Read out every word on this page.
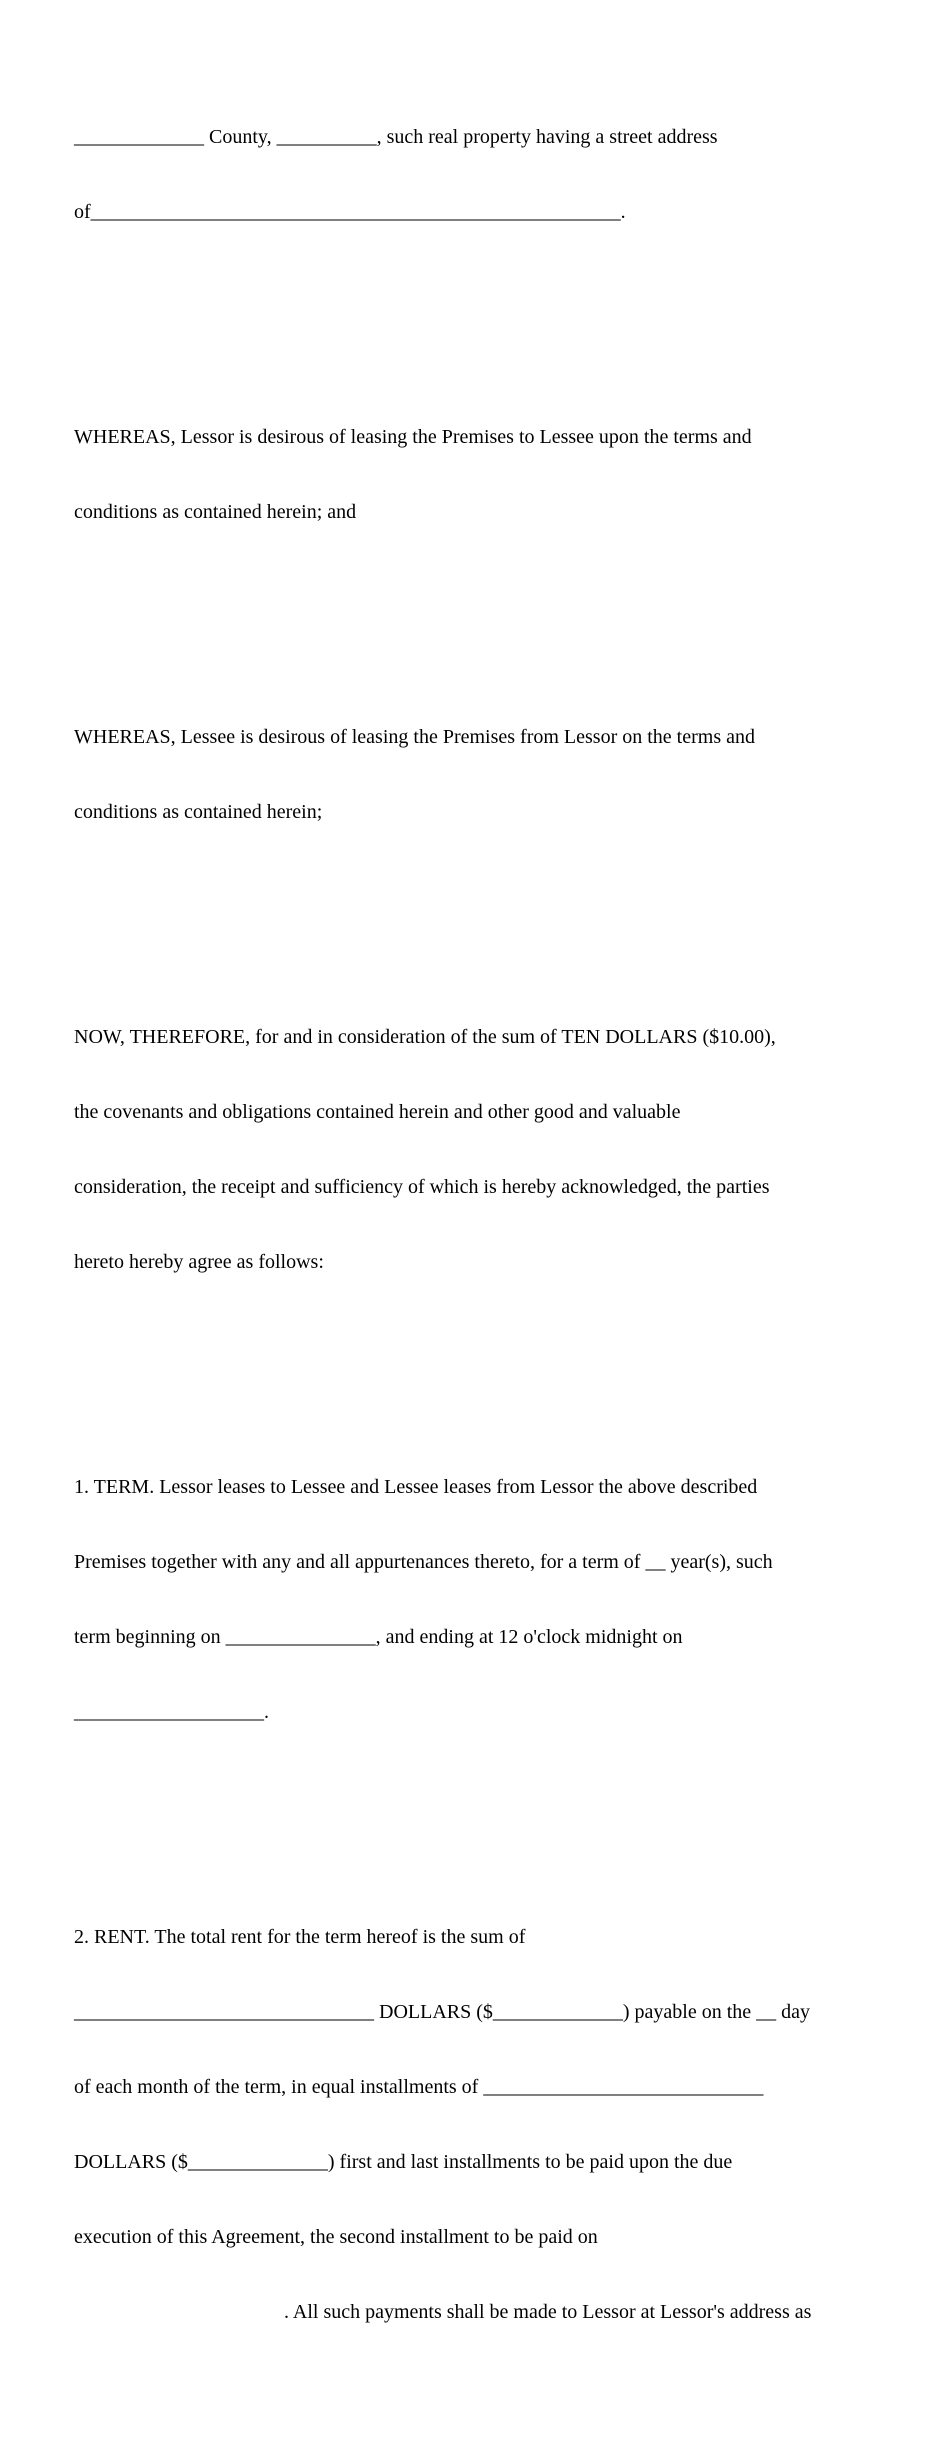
_____________ County, __________, such real property having a street address

of_____________________________________________________.

WHEREAS, Lessor is desirous of leasing the Premises to Lessee upon the terms and

conditions as contained herein; and

WHEREAS, Lessee is desirous of leasing the Premises from Lessor on the terms and

conditions as contained herein;

NOW, THEREFORE, for and in consideration of the sum of TEN DOLLARS ($10.00),

the covenants and obligations contained herein and other good and valuable

consideration, the receipt and sufficiency of which is hereby acknowledged, the parties

hereto hereby agree as follows:

1. TERM. Lessor leases to Lessee and Lessee leases from Lessor the above described

Premises together with any and all appurtenances thereto, for a term of __ year(s), such

term beginning on _______________, and ending at 12 o'clock midnight on

___________________.

2. RENT. The total rent for the term hereof is the sum of

______________________________ DOLLARS ($_____________) payable on the __ day

of each month of the term, in equal installments of ____________________________

DOLLARS ($______________) first and last installments to be paid upon the due

execution of this Agreement, the second installment to be paid on

. All such payments shall be made to Lessor at Lessor's address as
